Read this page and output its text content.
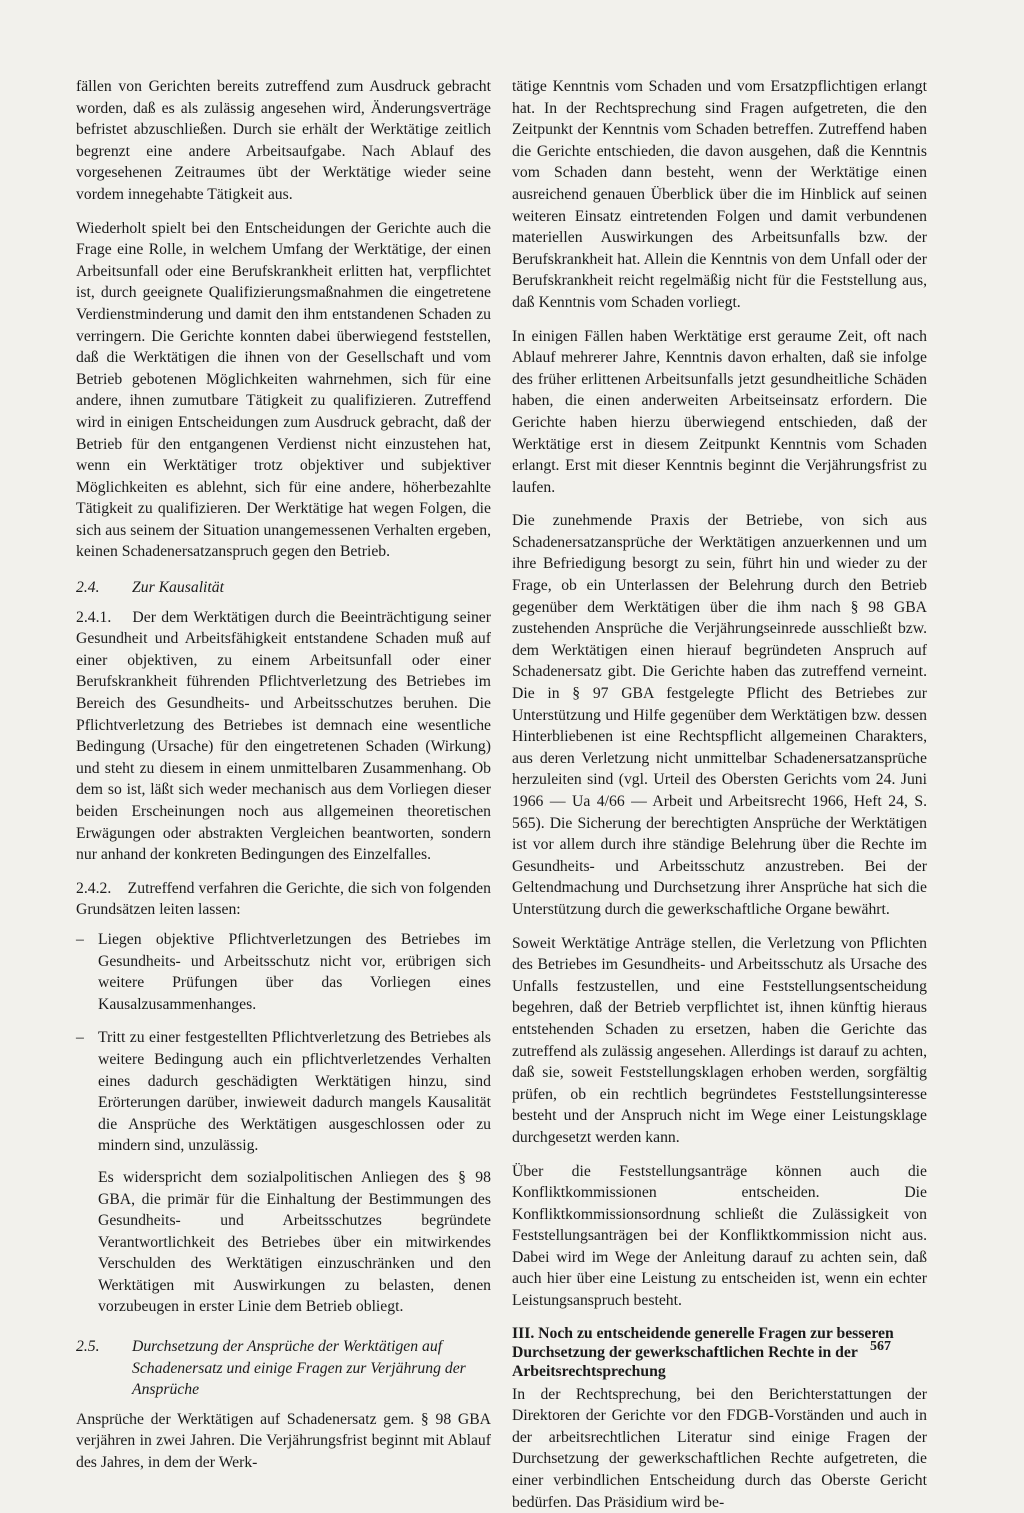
fällen von Gerichten bereits zutreffend zum Ausdruck gebracht worden, daß es als zulässig angesehen wird, Änderungsverträge befristet abzuschließen. Durch sie erhält der Werktätige zeitlich begrenzt eine andere Arbeitsaufgabe. Nach Ablauf des vorgesehenen Zeitraumes übt der Werktätige wieder seine vordem innegehabte Tätigkeit aus.

Wiederholt spielt bei den Entscheidungen der Gerichte auch die Frage eine Rolle, in welchem Umfang der Werktätige, der einen Arbeitsunfall oder eine Berufskrankheit erlitten hat, verpflichtet ist, durch geeignete Qualifizierungsmaßnahmen die eingetretene Verdienstminderung und damit den ihm entstandenen Schaden zu verringern. Die Gerichte konnten dabei überwiegend feststellen, daß die Werktätigen die ihnen von der Gesellschaft und vom Betrieb gebotenen Möglichkeiten wahrnehmen, sich für eine andere, ihnen zumutbare Tätigkeit zu qualifizieren. Zutreffend wird in einigen Entscheidungen zum Ausdruck gebracht, daß der Betrieb für den entgangenen Verdienst nicht einzustehen hat, wenn ein Werktätiger trotz objektiver und subjektiver Möglichkeiten es ablehnt, sich für eine andere, höherbezahlte Tätigkeit zu qualifizieren. Der Werktätige hat wegen Folgen, die sich aus seinem der Situation unangemessenen Verhalten ergeben, keinen Schadenersatzanspruch gegen den Betrieb.

2.4.	Zur Kausalität

2.4.1. Der dem Werktätigen durch die Beeinträchtigung seiner Gesundheit und Arbeitsfähigkeit entstandene Schaden muß auf einer objektiven, zu einem Arbeitsunfall oder einer Berufskrankheit führenden Pflichtverletzung des Betriebes im Bereich des Gesundheits- und Arbeitsschutzes beruhen. Die Pflichtverletzung des Betriebes ist demnach eine wesentliche Bedingung (Ursache) für den eingetretenen Schaden (Wirkung) und steht zu diesem in einem unmittelbaren Zusammenhang. Ob dem so ist, läßt sich weder mechanisch aus dem Vorliegen dieser beiden Erscheinungen noch aus allgemeinen theoretischen Erwägungen oder abstrakten Vergleichen beantworten, sondern nur anhand der konkreten Bedingungen des Einzelfalles.

2.4.2. Zutreffend verfahren die Gerichte, die sich von folgenden Grundsätzen leiten lassen:

– Liegen objektive Pflichtverletzungen des Betriebes im Gesundheits- und Arbeitsschutz nicht vor, erübrigen sich weitere Prüfungen über das Vorliegen eines Kausalzusammenhanges.

– Tritt zu einer festgestellten Pflichtverletzung des Betriebes als weitere Bedingung auch ein pflichtverletzendes Verhalten eines dadurch geschädigten Werktätigen hinzu, sind Erörterungen darüber, inwieweit dadurch mangels Kausalität die Ansprüche des Werktätigen ausgeschlossen oder zu mindern sind, unzulässig.

Es widerspricht dem sozialpolitischen Anliegen des § 98 GBA, die primär für die Einhaltung der Bestimmungen des Gesundheits- und Arbeitsschutzes begründete Verantwortlichkeit des Betriebes über ein mitwirkendes Verschulden des Werktätigen einzuschränken und den Werktätigen mit Auswirkungen zu belasten, denen vorzubeugen in erster Linie dem Betrieb obliegt.

2.5.	Durchsetzung der Ansprüche der Werktätigen auf Schadenersatz und einige Fragen zur Verjährung der Ansprüche

Ansprüche der Werktätigen auf Schadenersatz gem. § 98 GBA verjähren in zwei Jahren. Die Verjährungsfrist beginnt mit Ablauf des Jahres, in dem der Werk-

tätige Kenntnis vom Schaden und vom Ersatzpflichtigen erlangt hat. In der Rechtsprechung sind Fragen aufgetreten, die den Zeitpunkt der Kenntnis vom Schaden betreffen. Zutreffend haben die Gerichte entschieden, die davon ausgehen, daß die Kenntnis vom Schaden dann besteht, wenn der Werktätige einen ausreichend genauen Überblick über die im Hinblick auf seinen weiteren Einsatz eintretenden Folgen und damit verbundenen materiellen Auswirkungen des Arbeitsunfalls bzw. der Berufskrankheit hat. Allein die Kenntnis von dem Unfall oder der Berufskrankheit reicht regelmäßig nicht für die Feststellung aus, daß Kenntnis vom Schaden vorliegt.

In einigen Fällen haben Werktätige erst geraume Zeit, oft nach Ablauf mehrerer Jahre, Kenntnis davon erhalten, daß sie infolge des früher erlittenen Arbeitsunfalls jetzt gesundheitliche Schäden haben, die einen anderweiten Arbeitseinsatz erfordern. Die Gerichte haben hierzu überwiegend entschieden, daß der Werktätige erst in diesem Zeitpunkt Kenntnis vom Schaden erlangt. Erst mit dieser Kenntnis beginnt die Verjährungsfrist zu laufen.

Die zunehmende Praxis der Betriebe, von sich aus Schadenersatzansprüche der Werktätigen anzuerkennen und um ihre Befriedigung besorgt zu sein, führt hin und wieder zu der Frage, ob ein Unterlassen der Belehrung durch den Betrieb gegenüber dem Werktätigen über die ihm nach § 98 GBA zustehenden Ansprüche die Verjährungseinrede ausschließt bzw. dem Werktätigen einen hierauf begründeten Anspruch auf Schadenersatz gibt. Die Gerichte haben das zutreffend verneint. Die in § 97 GBA festgelegte Pflicht des Betriebes zur Unterstützung und Hilfe gegenüber dem Werktätigen bzw. dessen Hinterbliebenen ist eine Rechtspflicht allgemeinen Charakters, aus deren Verletzung nicht unmittelbar Schadenersatzansprüche herzuleiten sind (vgl. Urteil des Obersten Gerichts vom 24. Juni 1966 — Ua 4/66 — Arbeit und Arbeitsrecht 1966, Heft 24, S. 565). Die Sicherung der berechtigten Ansprüche der Werktätigen ist vor allem durch ihre ständige Belehrung über die Rechte im Gesundheits- und Arbeitsschutz anzustreben. Bei der Geltendmachung und Durchsetzung ihrer Ansprüche hat sich die Unterstützung durch die gewerkschaftliche Organe bewährt.

Soweit Werktätige Anträge stellen, die Verletzung von Pflichten des Betriebes im Gesundheits- und Arbeitsschutz als Ursache des Unfalls festzustellen, und eine Feststellungsentscheidung begehren, daß der Betrieb verpflichtet ist, ihnen künftig hieraus entstehenden Schaden zu ersetzen, haben die Gerichte das zutreffend als zulässig angesehen. Allerdings ist darauf zu achten, daß sie, soweit Feststellungsklagen erhoben werden, sorgfältig prüfen, ob ein rechtlich begründetes Feststellungsinteresse besteht und der Anspruch nicht im Wege einer Leistungsklage durchgesetzt werden kann.

Über die Feststellungsanträge können auch die Konfliktkommissionen entscheiden. Die Konfliktkommissionsordnung schließt die Zulässigkeit von Feststellungsanträgen bei der Konfliktkommission nicht aus. Dabei wird im Wege der Anleitung darauf zu achten sein, daß auch hier über eine Leistung zu entscheiden ist, wenn ein echter Leistungsanspruch besteht.

III. Noch zu entscheidende generelle Fragen zur besseren Durchsetzung der gewerkschaftlichen Rechte in der Arbeitsrechtsprechung

In der Rechtsprechung, bei den Berichterstattungen der Direktoren der Gerichte vor den FDGB-Vorständen und auch in der arbeitsrechtlichen Literatur sind einige Fragen der Durchsetzung der gewerkschaftlichen Rechte aufgetreten, die einer verbindlichen Entscheidung durch das Oberste Gericht bedürfen. Das Präsidium wird be-

567
